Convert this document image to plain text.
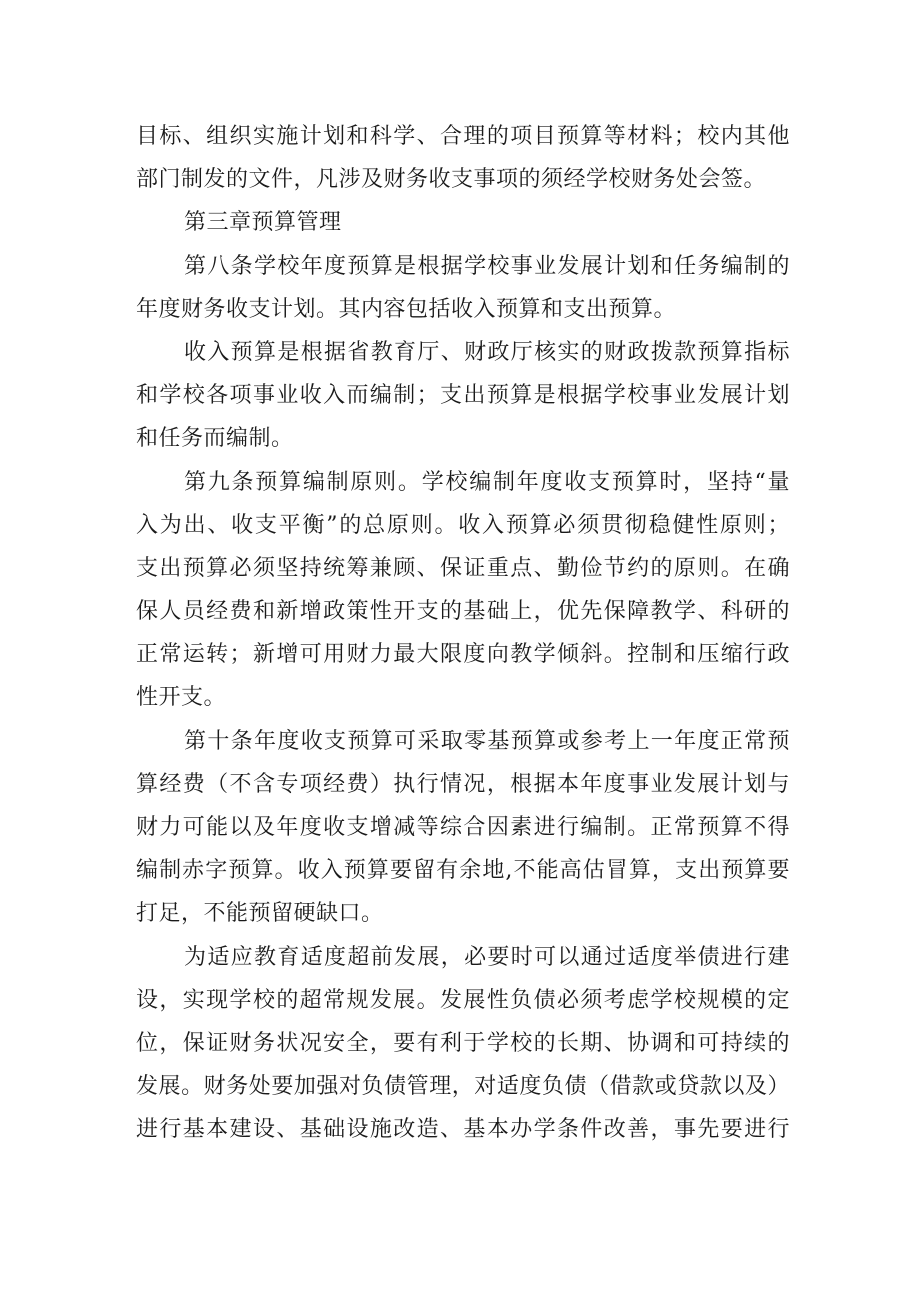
目标、组织实施计划和科学、合理的项目预算等材料；校内其他
部门制发的文件，凡涉及财务收支事项的须经学校财务处会签。
第三章预算管理
第八条学校年度预算是根据学校事业发展计划和任务编制的
年度财务收支计划。其内容包括收入预算和支出预算。
收入预算是根据省教育厅、财政厅核实的财政拨款预算指标
和学校各项事业收入而编制；支出预算是根据学校事业发展计划
和任务而编制。
第九条预算编制原则。学校编制年度收支预算时，坚持“量
入为出、收支平衡”的总原则。收入预算必须贯彻稳健性原则；
支出预算必须坚持统筹兼顾、保证重点、勤俭节约的原则。在确
保人员经费和新增政策性开支的基础上，优先保障教学、科研的
正常运转；新增可用财力最大限度向教学倾斜。控制和压缩行政
性开支。
第十条年度收支预算可采取零基预算或参考上一年度正常预
算经费（不含专项经费）执行情况，根据本年度事业发展计划与
财力可能以及年度收支增减等综合因素进行编制。正常预算不得
编制赤字预算。收入预算要留有余地,不能高估冒算，支出预算要
打足，不能预留硬缺口。
为适应教育适度超前发展，必要时可以通过适度举债进行建
设，实现学校的超常规发展。发展性负债必须考虑学校规模的定
位，保证财务状况安全，要有利于学校的长期、协调和可持续的
发展。财务处要加强对负债管理，对适度负债（借款或贷款以及）
进行基本建设、基础设施改造、基本办学条件改善，事先要进行
